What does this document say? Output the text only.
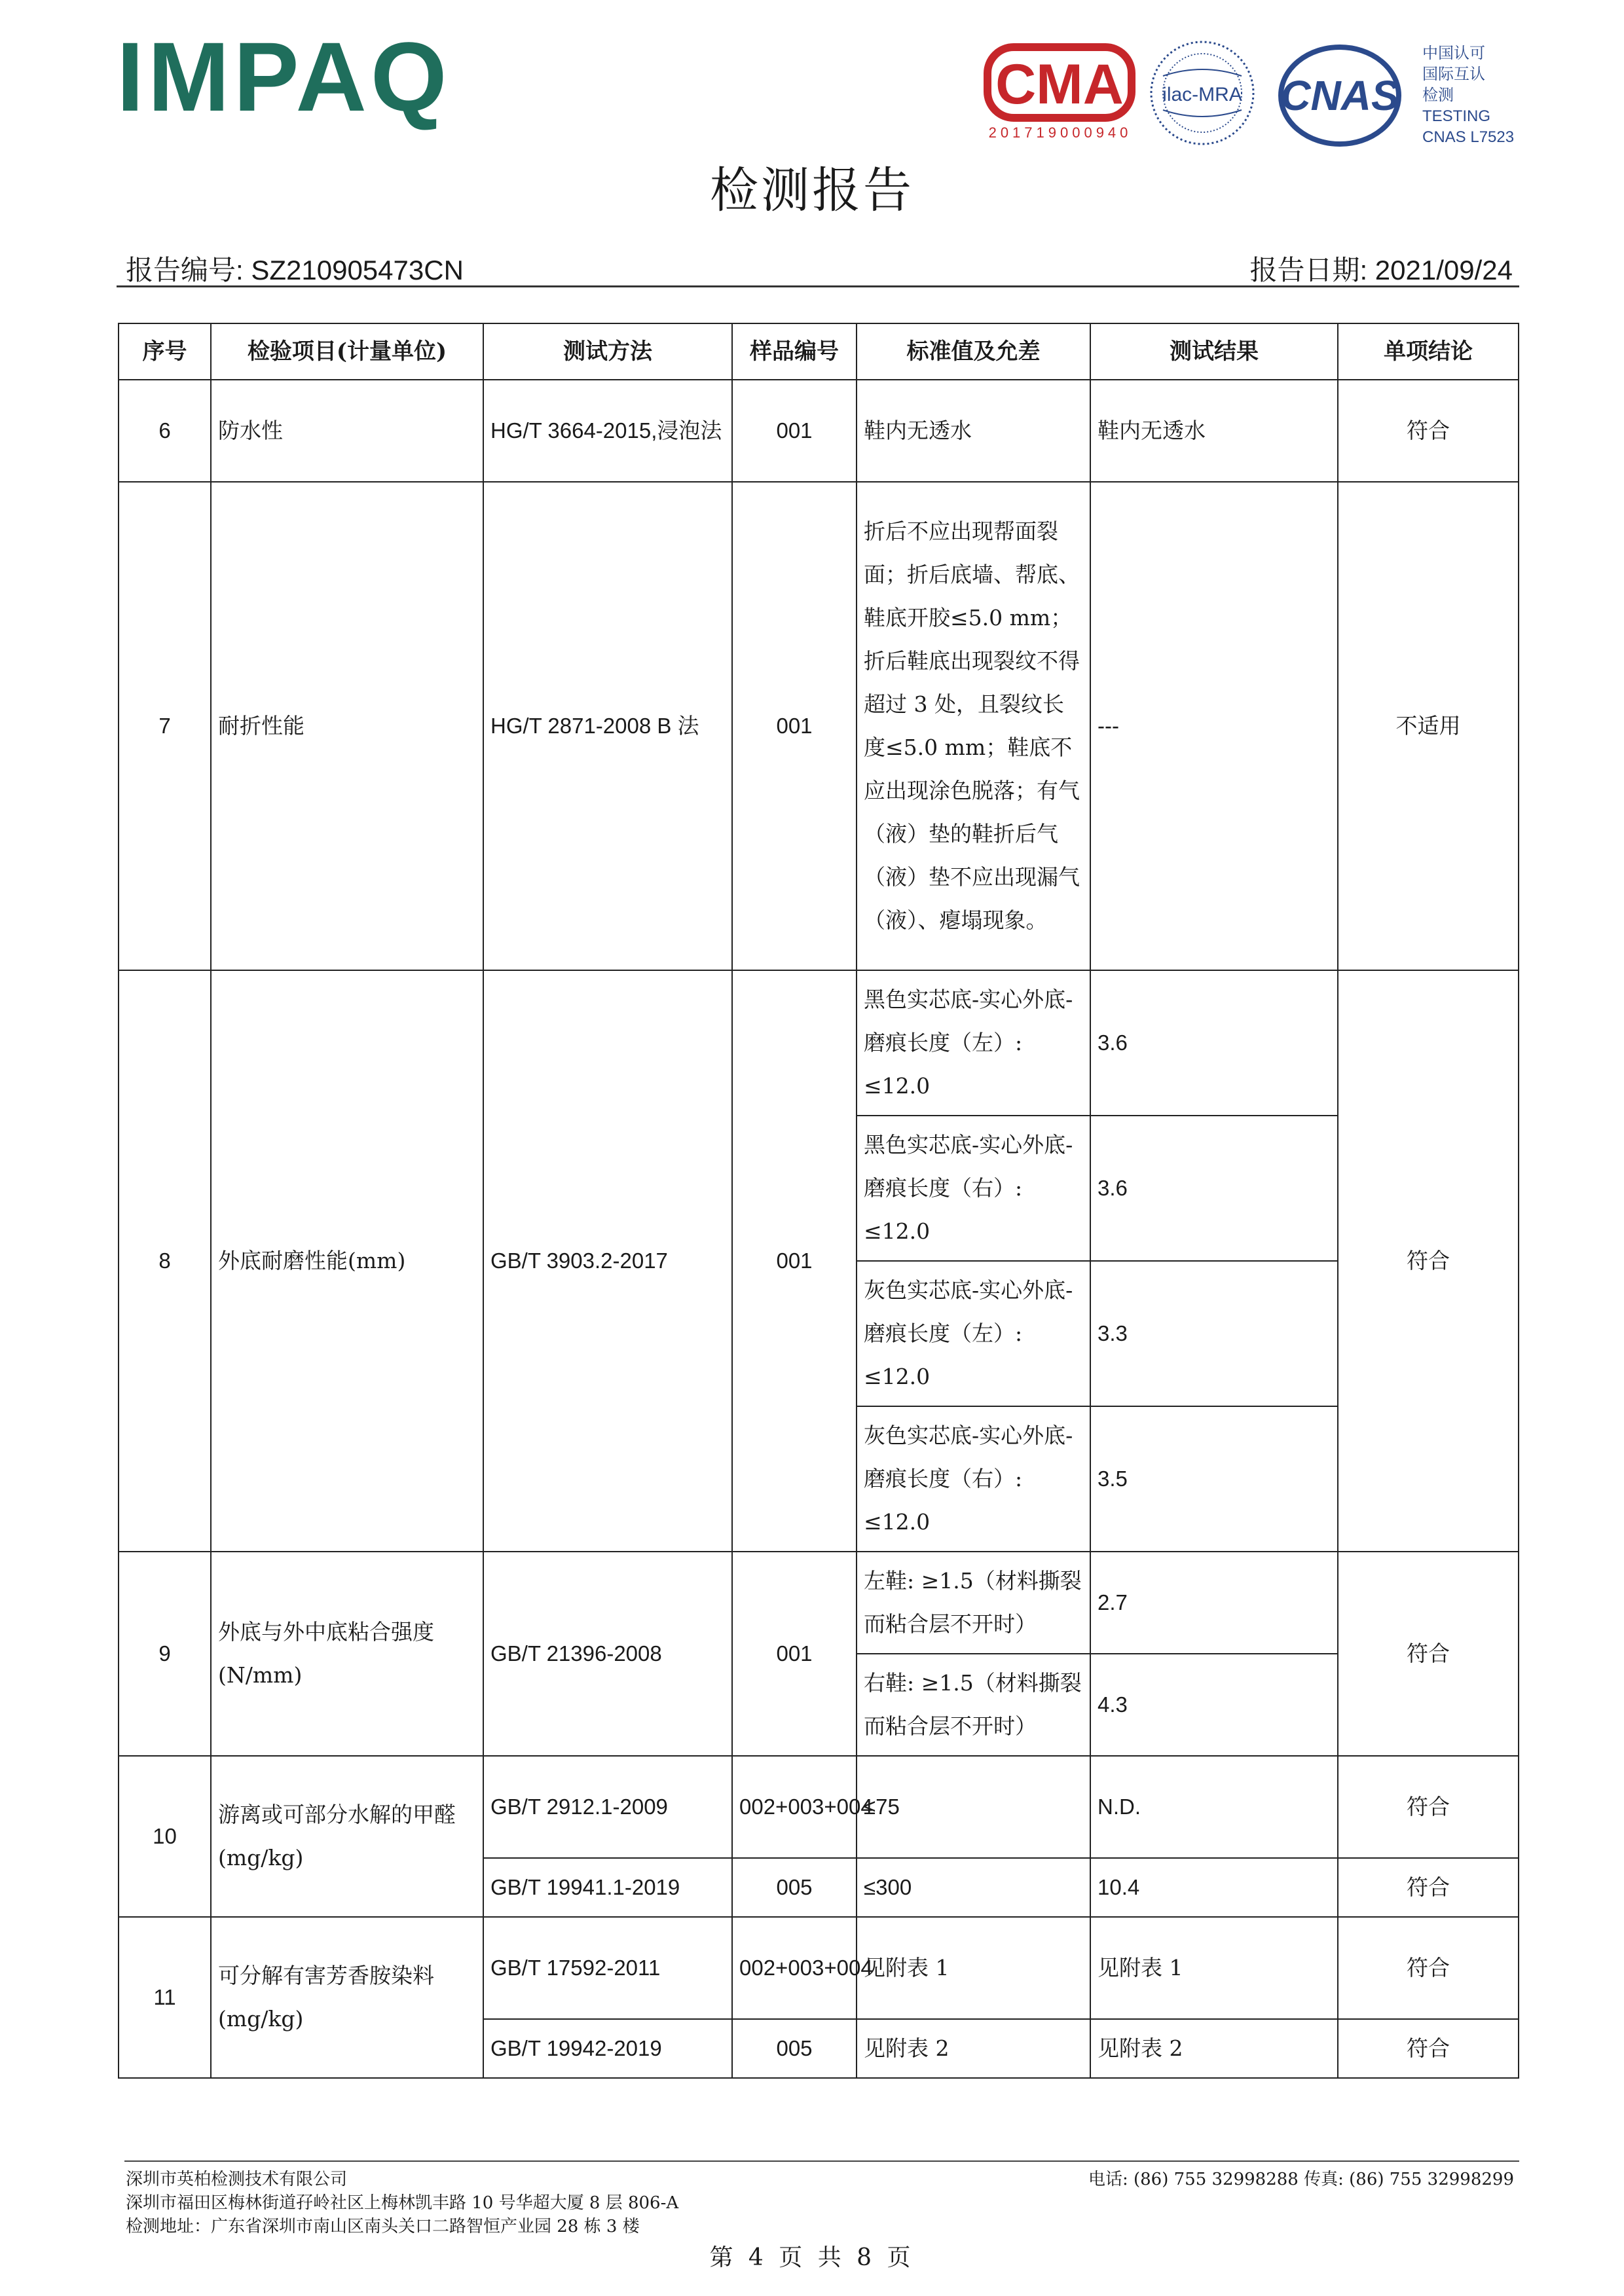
IMPAQ	CMA
201719000940
ilac-MRA CNAS
中国认可
国际互认
检测
TESTING
CNAS L7523
检测报告
报告编号: SZ210905473CN	报告日期: 2021/09/24
序号	检验项目(计量单位)	测试方法	样品编号	标准值及允差	测试结果	单项结论
6	防水性	HG/T 3664-2015,浸泡法	001	鞋内无透水	鞋内无透水	符合
7	耐折性能	HG/T 2871-2008 B 法	001	折后不应出现帮面裂面；折后底墙、帮底、鞋底开胶≤5.0 mm；折后鞋底出现裂纹不得超过 3 处，且裂纹长度≤5.0 mm；鞋底不应出现涂色脱落；有气（液）垫的鞋折后气（液）垫不应出现漏气（液）、瘪塌现象。	---	不适用
8	外底耐磨性能(mm)	GB/T 3903.2-2017	001	黑色实芯底-实心外底-磨痕长度（左）: ≤12.0	3.6	符合
				黑色实芯底-实心外底-磨痕长度（右）: ≤12.0	3.6	
				灰色实芯底-实心外底-磨痕长度（左）: ≤12.0	3.3	
				灰色实芯底-实心外底-磨痕长度（右）: ≤12.0	3.5	
9	外底与外中底粘合强度 (N/mm)	GB/T 21396-2008	001	左鞋: ≥1.5（材料撕裂而粘合层不开时）	2.7	符合
				右鞋: ≥1.5（材料撕裂而粘合层不开时）	4.3	
10	游离或可部分水解的甲醛 (mg/kg)	GB/T 2912.1-2009	002+003+004	≤75	N.D.	符合
		GB/T 19941.1-2019	005	≤300	10.4	符合
11	可分解有害芳香胺染料 (mg/kg)	GB/T 17592-2011	002+003+004	见附表 1	见附表 1	符合
		GB/T 19942-2019	005	见附表 2	见附表 2	符合
深圳市英柏检测技术有限公司
深圳市福田区梅林街道孖岭社区上梅林凯丰路 10 号华超大厦 8 层 806-A
检测地址：广东省深圳市南山区南头关口二路智恒产业园 28 栋 3 楼
电话: (86) 755 32998288 传真: (86) 755 32998299
第 4 页 共 8 页
